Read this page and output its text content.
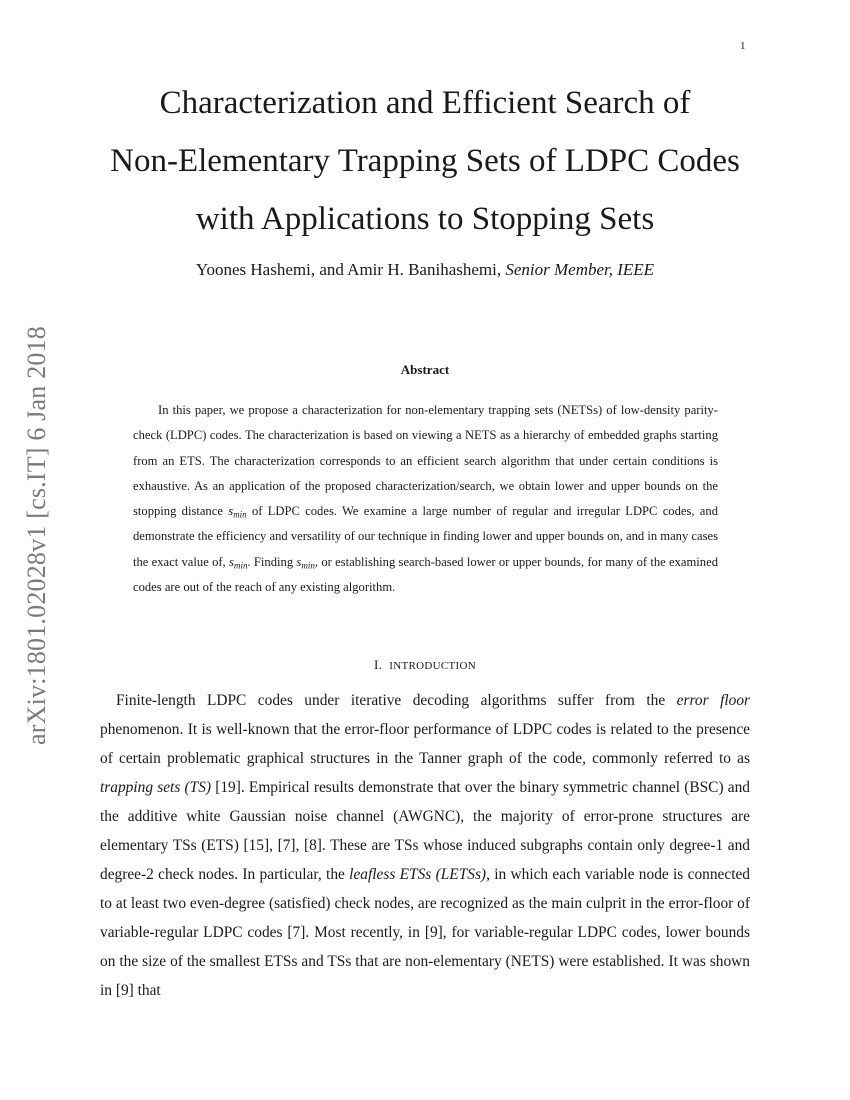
1
arXiv:1801.02028v1 [cs.IT] 6 Jan 2018
Characterization and Efficient Search of
Non-Elementary Trapping Sets of LDPC Codes
with Applications to Stopping Sets
Yoones Hashemi, and Amir H. Banihashemi, Senior Member, IEEE
Abstract

In this paper, we propose a characterization for non-elementary trapping sets (NETSs) of low-density parity-check (LDPC) codes. The characterization is based on viewing a NETS as a hierarchy of embedded graphs starting from an ETS. The characterization corresponds to an efficient search algorithm that under certain conditions is exhaustive. As an application of the proposed characterization/search, we obtain lower and upper bounds on the stopping distance $s_{min}$ of LDPC codes. We examine a large number of regular and irregular LDPC codes, and demonstrate the efficiency and versatility of our technique in finding lower and upper bounds on, and in many cases the exact value of, $s_{min}$. Finding $s_{min}$, or establishing search-based lower or upper bounds, for many of the examined codes are out of the reach of any existing algorithm.

I. INTRODUCTION

Finite-length LDPC codes under iterative decoding algorithms suffer from the error floor phenomenon. It is well-known that the error-floor performance of LDPC codes is related to the presence of certain problematic graphical structures in the Tanner graph of the code, commonly referred to as trapping sets (TS) [19]. Empirical results demonstrate that over the binary symmetric channel (BSC) and the additive white Gaussian noise channel (AWGNC), the majority of error-prone structures are elementary TSs (ETS) [15], [7], [8]. These are TSs whose induced subgraphs contain only degree-1 and degree-2 check nodes. In particular, the leafless ETSs (LETSs), in which each variable node is connected to at least two even-degree (satisfied) check nodes, are recognized as the main culprit in the error-floor of variable-regular LDPC codes [7]. Most recently, in [9], for variable-regular LDPC codes, lower bounds on the size of the smallest ETSs and TSs that are non-elementary (NETS) were established. It was shown in [9] that
